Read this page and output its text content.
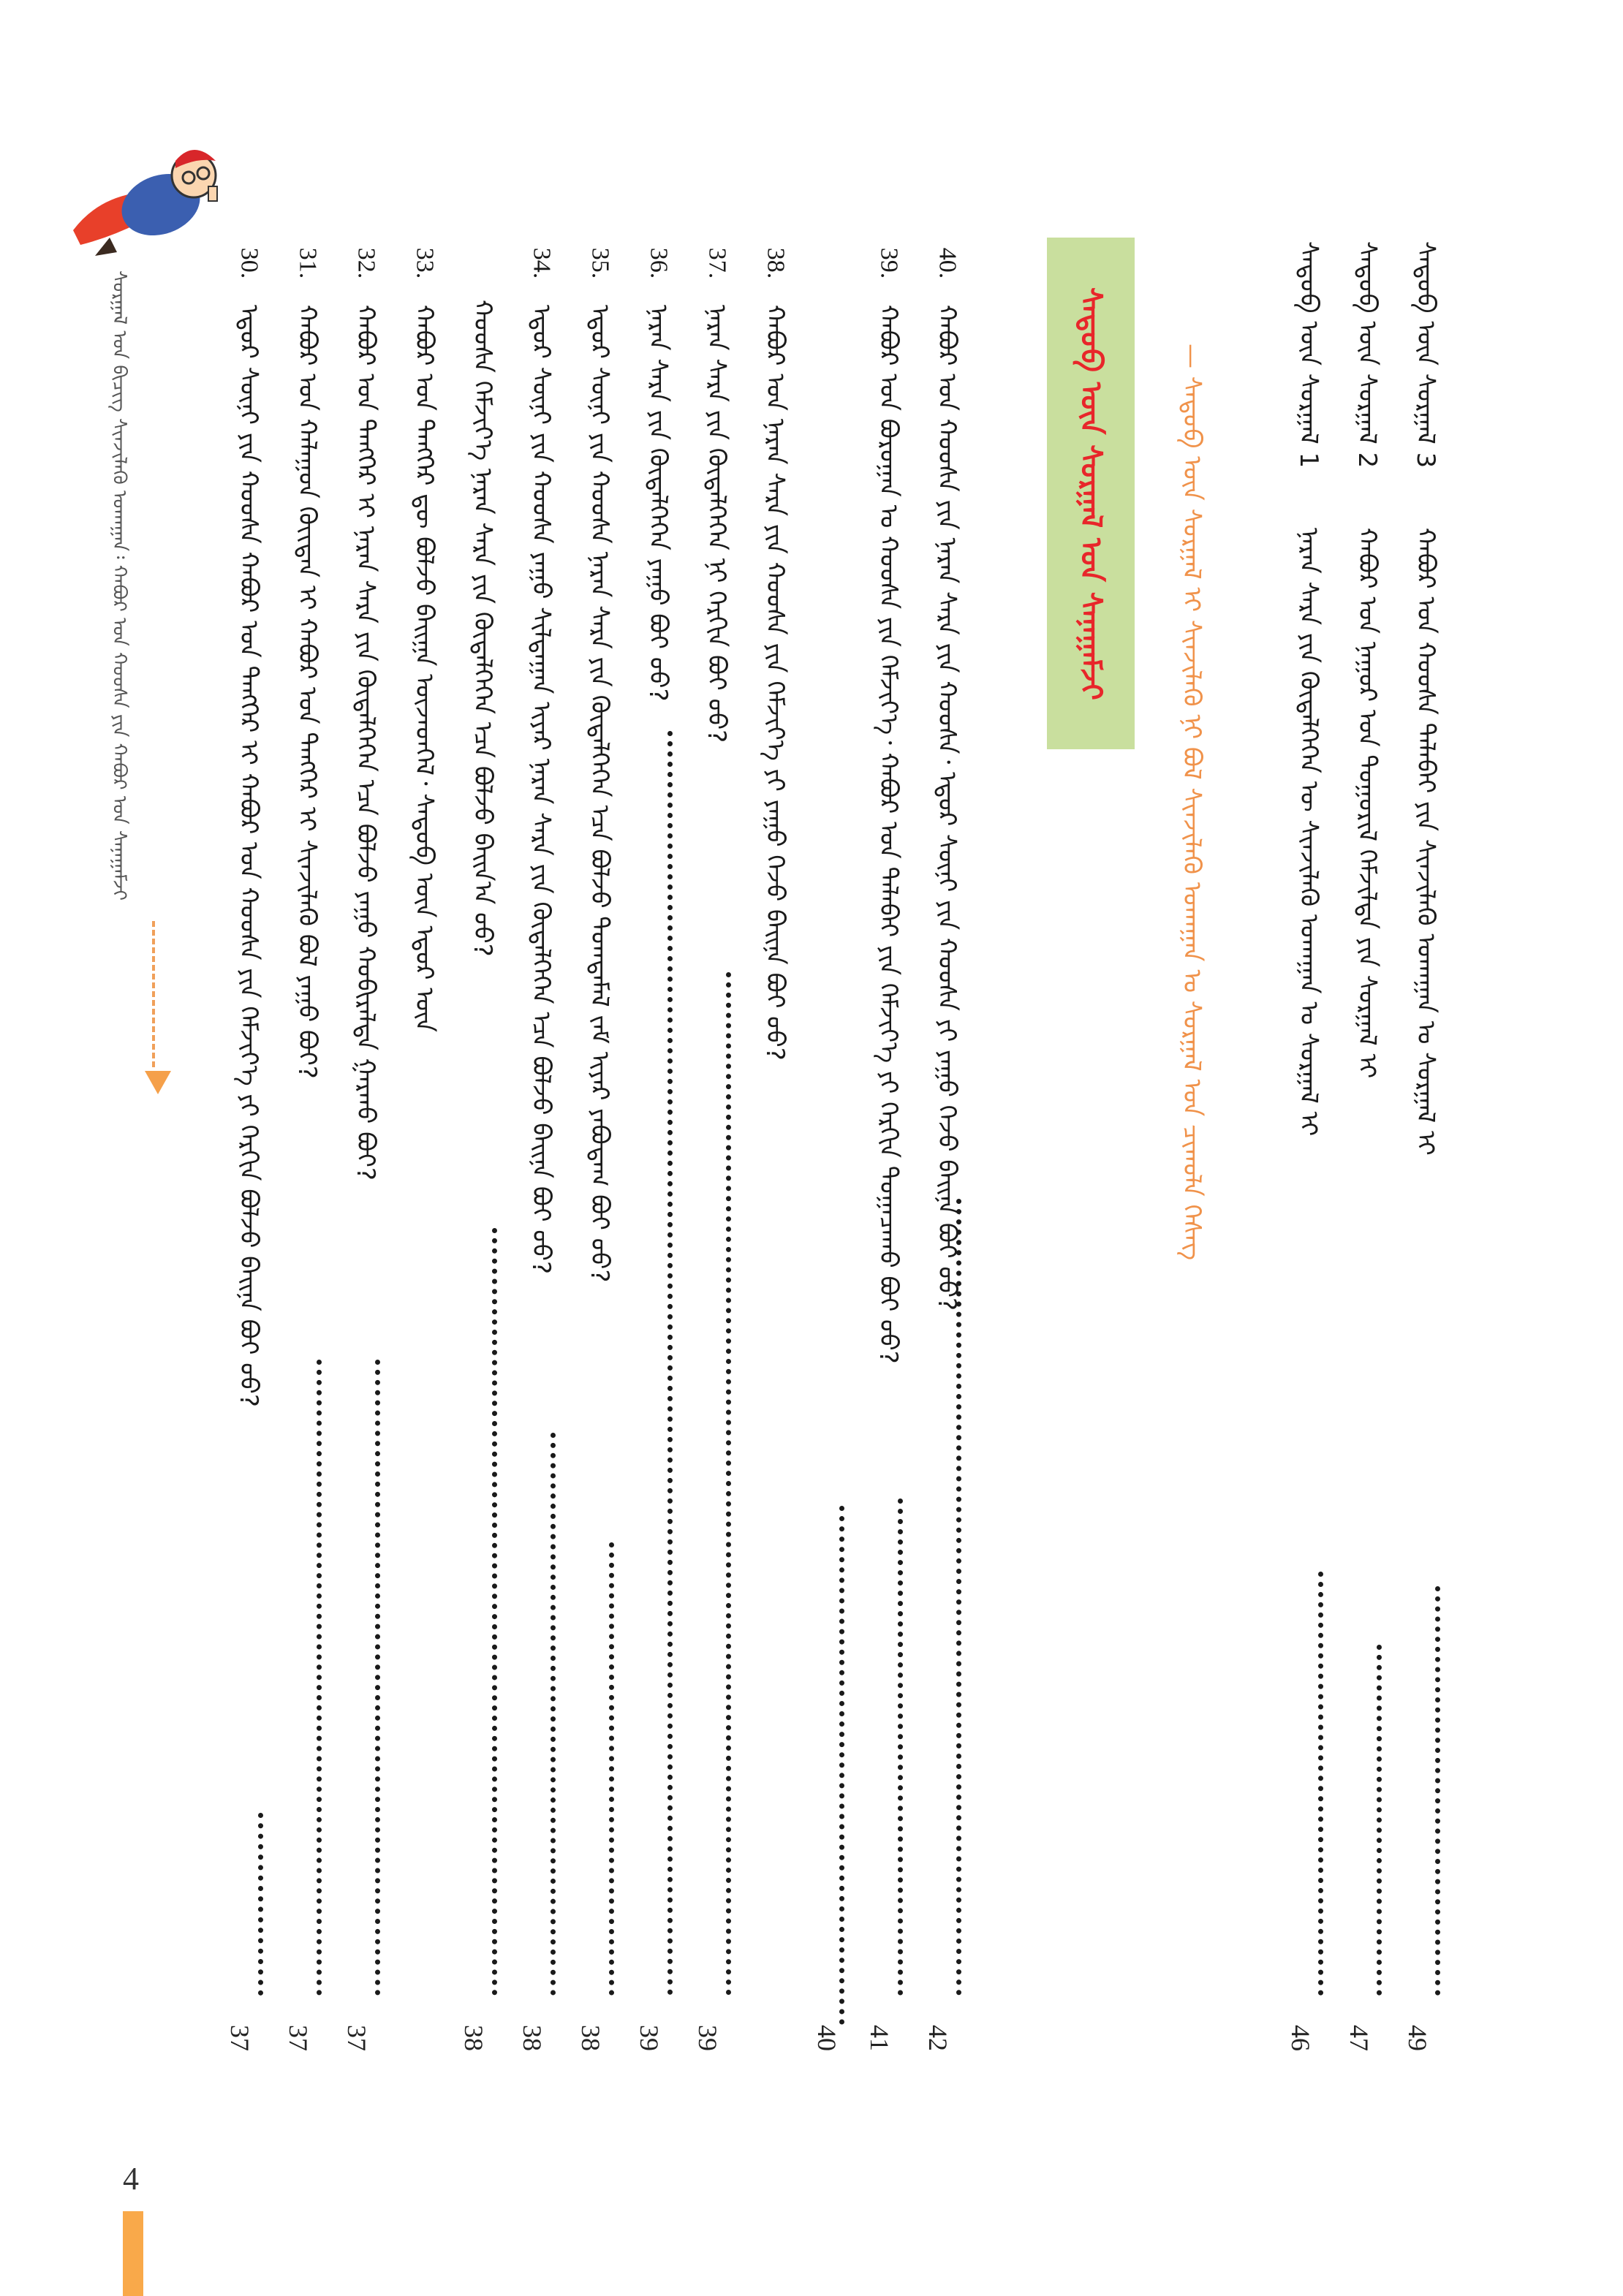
ᠰᠡᠳᠦᠪ ᠦᠨ ᠰᠤᠷᠭᠠᠯ 3  ᠬᠠᠪᠤᠷ ᠤᠨ ᠬᠣᠣᠰᠠ ᠲᠠᠯᠠᠪᠠᠢ ᠶᠢᠨ ᠰᠢᠨᠵᠢᠯᠡᠬᠦ ᠤᠬᠠᠭᠠᠨ ᠤ ᠰᠤᠷᠭᠠᠯ ᠢ
ᠰᠡᠳᠦᠪ ᠦᠨ ᠰᠤᠷᠭᠠᠯ 2  ᠬᠠᠪᠤᠷ ᠤᠨ ᠨᠠᠭᠤᠷ ᠤᠨ ᠲᠣᠭᠣᠷᠢᠯ ᠬᠡᠮᠵᠢᠯᠲᠡ ᠶᠢᠨ ᠰᠤᠷᠭᠠᠯ ᠢ
ᠰᠡᠳᠦᠪ ᠦᠨ ᠰᠤᠷᠭᠠᠯ 1  ᠨᠠᠷᠠᠨ ᠰᠠᠷᠠ ᠶᠢᠨ ᠬᠥᠳᠡᠯᠭᠡᠭᠡᠨ ᠦ ᠰᠢᠨᠵᠢᠯᠡᠬᠦ ᠤᠬᠠᠭᠠᠨ ᠤ ᠰᠤᠷᠭᠠᠯ ᠢ
49
47
46
— ᠰᠡᠳᠦᠪ ᠦᠨ ᠰᠤᠷᠭᠠᠯ ᠢ ᠰᠢᠨᠵᠢᠯᠡᠬᠦ ᠨᠢ ᠪᠣᠯ ᠰᠢᠨᠵᠢᠯᠡᠬᠦ ᠤᠬᠠᠭᠠᠨ ᠤ ᠰᠤᠷᠭᠠᠯ ᠤᠨ ᠴᠢᠬᠤᠯᠠ ᠬᠡᠰᠡᠭ
ᠰᠡᠳᠦᠪ ᠦᠨ ᠰᠤᠷᠭᠠᠯ ᠤᠨ ᠰᠠᠨᠠᠭᠠᠮᠵᠢ
40. ᠬᠠᠪᠤᠷ ᠤᠨ ᠬᠣᠣᠰᠠ ᠶᠢᠨ ᠨᠠᠷᠠᠨ ᠰᠠᠷᠠ ᠶᠢᠨ ᠬᠣᠣᠰᠠ᠂ ᠡᠳᠦᠷ ᠰᠥᠨᠢ ᠶᠢᠨ ᠬᠣᠣᠰᠠ ᠶᠢ ᠶᠠᠭᠤ ᠭᠡᠵᠦ ᠪᠠᠢᠨᠠ ᠪᠣᠢ ᠤᠤ?
39. ᠬᠠᠪᠤᠷ ᠤᠨ ᠪᠣᠷᠣᠭᠠᠨ ᠤ ᠬᠣᠣᠰᠠ ᠶᠢᠨ ᠬᠡᠮᠵᠢᠶ᠎ᠡ᠂ ᠬᠠᠪᠤᠷ ᠤᠨ ᠲᠠᠯᠠᠪᠠᠢ ᠶᠢᠨ ᠬᠡᠮᠵᠢᠶ᠎ᠡ ᠶᠢ ᠬᠡᠷᠬᠢᠨ ᠲᠣᠭᠠᠴᠠᠬᠤ ᠪᠣᠢ ᠤᠤ?
38. ᠬᠠᠪᠤᠷ ᠤᠨ ᠨᠠᠷᠠᠨ ᠰᠠᠷᠠ ᠶᠢᠨ ᠬᠣᠣᠰᠠ ᠶᠢᠨ ᠬᠡᠮᠵᠢᠶ᠎ᠡ ᠶᠢ ᠶᠠᠭᠤ ᠭᠡᠵᠦ ᠪᠠᠢᠨᠠ ᠪᠣᠢ ᠤᠤ?
37. ᠨᠠᠷᠠᠨ ᠰᠠᠷᠠ ᠶᠢᠨ ᠬᠥᠳᠡᠯᠭᠡᠭᠡᠨ ᠨᠢ ᠬᠡᠷᠬᠢᠨ ᠪᠣᠢ ᠤᠤ?
36. ᠨᠠᠷᠠᠨ ᠰᠠᠷᠠ ᠶᠢᠨ ᠬᠥᠳᠡᠯᠭᠡᠭᠡᠨ ᠶᠠᠭᠤ ᠪᠣᠢ ᠤᠤ?
35. ᠡᠳᠦᠷ ᠰᠥᠨᠢ ᠶᠢᠨ ᠬᠣᠣᠰᠠ ᠨᠠᠷᠠᠨ ᠰᠠᠷᠠ ᠶᠢᠨ ᠬᠥᠳᠡᠯᠭᠡᠭᠡᠨ ᠡᠴᠡ ᠪᠣᠯᠵᠤ ᠲᠣᠭᠲᠠᠮᠠᠯ ᠵᠠᠮ ᠢᠶᠠᠷ ᠶᠠᠪᠤᠳᠠᠭ ᠪᠣᠢ ᠤᠤ?
34. ᠡᠳᠦᠷ ᠰᠥᠨᠢ ᠶᠢᠨ ᠬᠣᠣᠰᠠ ᠶᠠᠭᠤ ᠰᠢᠯᠲᠠᠭᠠᠨ ᠢᠶᠠᠷ ᠨᠠᠷᠠᠨ ᠰᠠᠷᠠ ᠶᠢᠨ ᠬᠥᠳᠡᠯᠭᠡᠭᠡᠨ ᠡᠴᠡ ᠪᠣᠯᠵᠤ ᠪᠠᠢᠨᠠ ᠪᠣᠢ ᠤᠤ?
ᠬᠣᠣᠰᠠ ᠬᠡᠮᠵᠢᠶ᠎ᠡ ᠨᠠᠷᠠᠨ ᠰᠠᠷᠠ ᠶᠢᠨ ᠬᠥᠳᠡᠯᠭᠡᠭᠡᠨ ᠡᠴᠡ ᠪᠣᠯᠵᠤ ᠪᠠᠢᠨ᠎ᠠ ᠤᠤ?
33. ᠬᠠᠪᠤᠷ ᠤᠨ ᠲᠡᠩᠭᠡᠷ ᠳᠦ ᠪᠣᠯᠵᠤ ᠪᠠᠢᠭᠠ ᠦᠵᠡᠳᠭᠡᠯ᠂ ᠰᠡᠳᠦᠪ ᠦᠨ ᠡᠳᠦᠷ ᠦᠨ
32. ᠬᠠᠪᠤᠷ ᠤᠨ ᠲᠡᠩᠭᠡᠷ ᠢ ᠨᠠᠷᠠᠨ ᠰᠠᠷᠠ ᠶᠢᠨ ᠬᠥᠳᠡᠯᠭᠡᠭᠡᠨ ᠡᠴᠡ ᠪᠣᠯᠵᠤ ᠶᠠᠭᠤ ᠬᠤᠪᠢᠷᠠᠯᠲᠠ ᠭᠠᠷᠬᠤ ᠪᠣᠢ?
31. ᠬᠠᠪᠤᠷ ᠤᠨ ᠬᠠᠯᠠᠭᠤᠨ ᠬᠦᠢᠲᠡᠨ ᠢ ᠬᠠᠪᠤᠷ ᠤᠨ ᠲᠡᠩᠭᠡᠷ ᠢ ᠰᠢᠨᠵᠢᠯᠡᠬᠦ ᠪᠣᠯ ᠶᠠᠭᠤ ᠪᠣᠢ?
30. ᠡᠳᠦᠷ ᠰᠥᠨᠢ ᠶᠢᠨ ᠬᠣᠣᠰᠠ ᠬᠠᠪᠤᠷ ᠤᠨ ᠲᠡᠩᠭᠡᠷ ᠢ ᠬᠠᠪᠤᠷ ᠤᠨ ᠬᠣᠣᠰᠠ ᠶᠢᠨ ᠬᠡᠮᠵᠢᠶ᠎ᠡ ᠶᠢ ᠬᠡᠷᠬᠢᠨ ᠪᠣᠯᠵᠤ ᠪᠠᠢᠨᠠ ᠪᠣᠢ ᠤᠤ?
42
41
40
39
39
38
38
38
37
37
37
ᠰᠤᠷᠭᠠᠯ ᠤᠨ ᠪᠢᠴᠢᠭ ᠰᠢᠨᠵᠢᠯᠡᠬᠦ ᠤᠬᠠᠭᠠᠨ᠄ ᠬᠠᠪᠤᠷ ᠤᠨ ᠬᠣᠣᠰᠠ ᠶᠢᠨ ᠬᠠᠪᠤᠷ ᠤᠨ ᠰᠠᠨᠠᠭᠠᠮᠵᠢ
4
